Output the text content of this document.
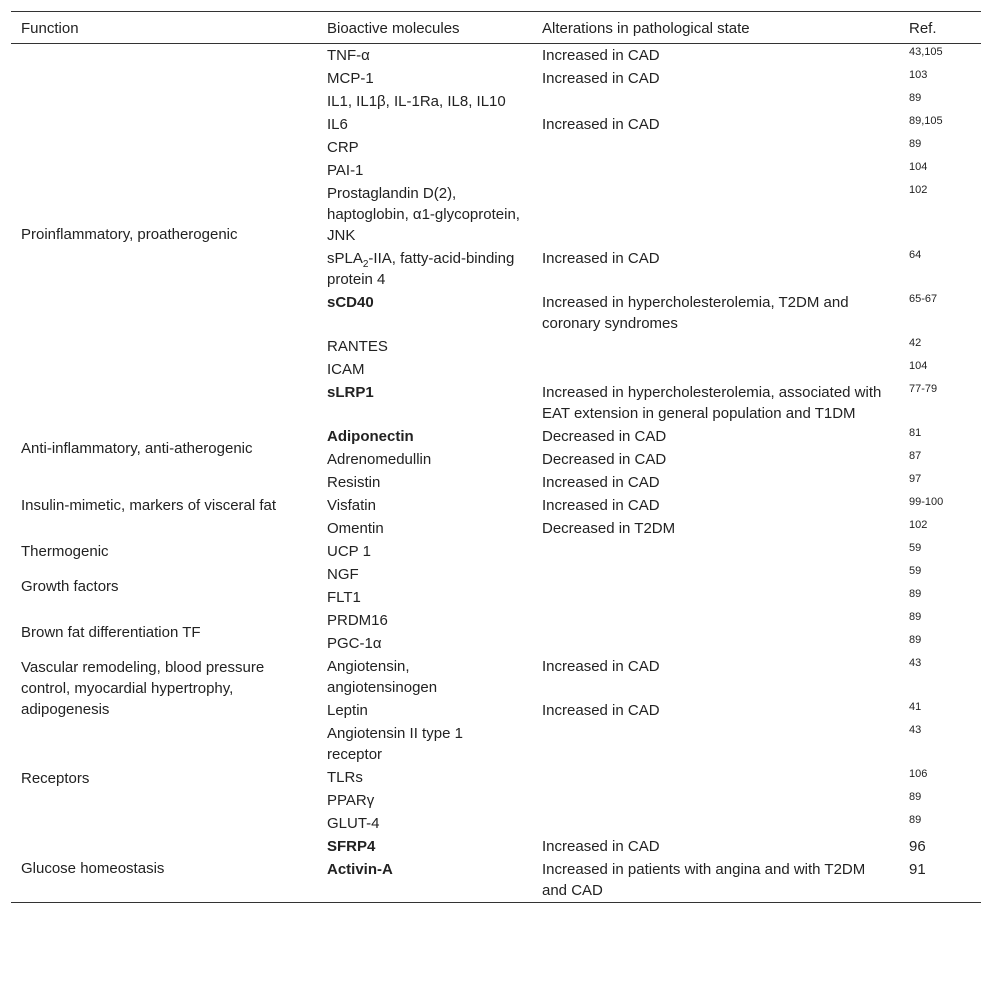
Function	Bioactive molecules	Alterations in pathological state	Ref.
Proinflammatory, proatherogenic	TNF-α	Increased in CAD	43,105
	MCP-1	Increased in CAD	103
	IL1, IL1β, IL-1Ra, IL8, IL10		89
	IL6	Increased in CAD	89,105
	CRP		89
	PAI-1		104
	Prostaglandin D(2), haptoglobin, α1-glycoprotein, JNK		102
	sPLA$_2$-IIA, fatty-acid-binding protein 4	Increased in CAD	64
	sCD40	Increased in hypercholesterolemia, T2DM and coronary syndromes	65-67
	RANTES		42
	ICAM		104
	sLRP1	Increased in hypercholesterolemia, associated with EAT extension in general population and T1DM	77-79
Anti-inflammatory, anti-atherogenic	Adiponectin	Decreased in CAD	81
	Adrenomedullin	Decreased in CAD	87
Insulin-mimetic, markers of visceral fat	Resistin	Increased in CAD	97
	Visfatin	Increased in CAD	99-100
	Omentin	Decreased in T2DM	102
Thermogenic	UCP 1		59
Growth factors	NGF		59
	FLT1		89
Brown fat differentiation TF	PRDM16		89
	PGC-1α		89
Vascular remodeling, blood pressure control, myocardial hypertrophy, adipogenesis	Angiotensin, angiotensinogen	Increased in CAD	43
	Leptin	Increased in CAD	41
Receptors	Angiotensin II type 1 receptor		43
	TLRs		106
	PPARγ		89
	GLUT-4		89
Glucose homeostasis	SFRP4	Increased in CAD	96
	Activin-A	Increased in patients with angina and with T2DM and CAD	91
